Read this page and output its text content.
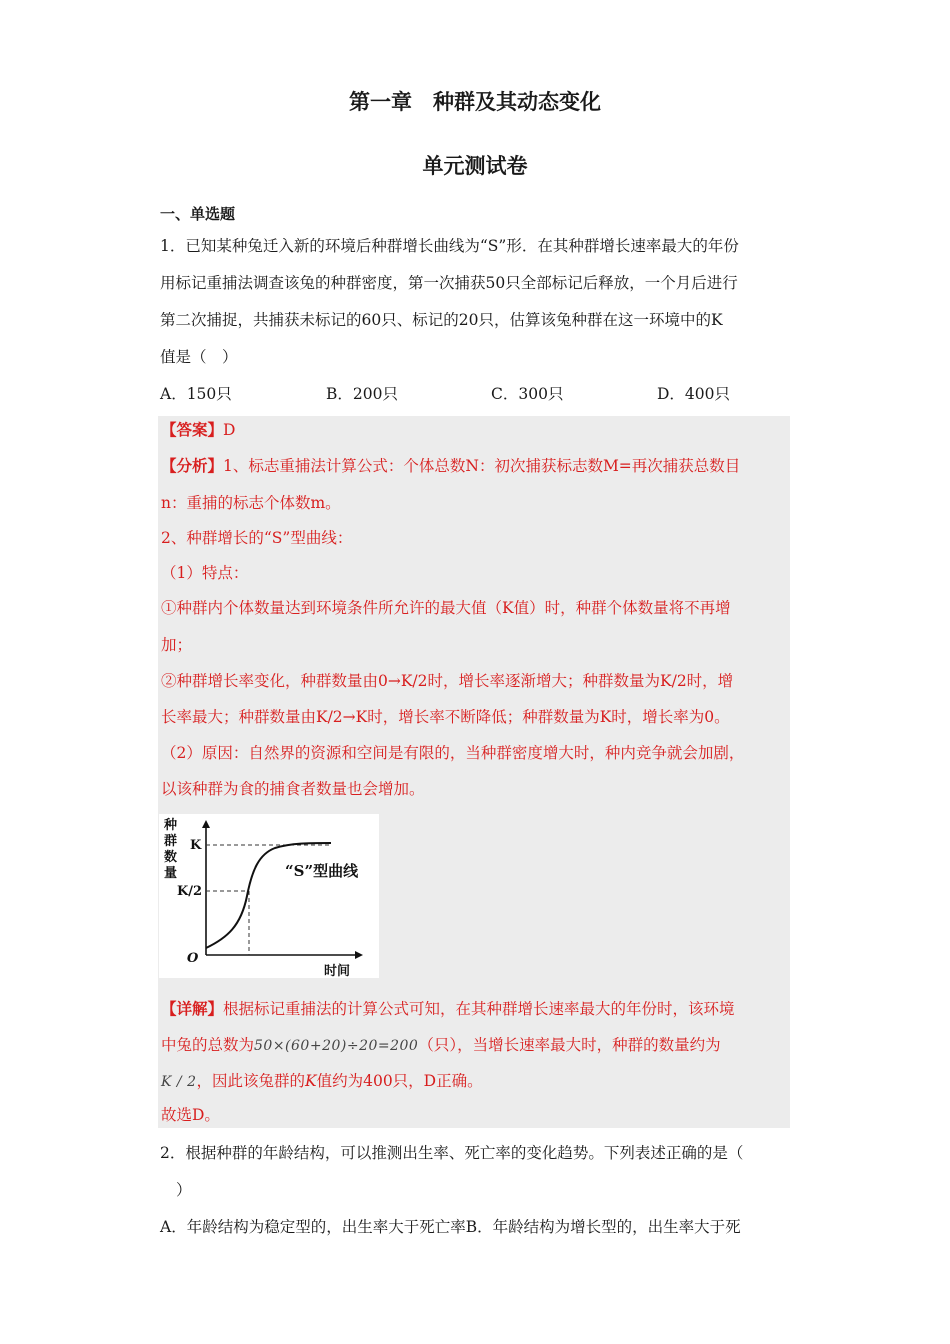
第一章　种群及其动态变化
单元测试卷
一、单选题
1．已知某种兔迁入新的环境后种群增长曲线为“S”形．在其种群增长速率最大的年份
用标记重捕法调查该兔的种群密度，第一次捕获50只全部标记后释放，一个月后进行
第二次捕捉，共捕获未标记的60只、标记的20只，估算该兔种群在这一环境中的K
值是（　）
A．150只	B．200只	C．300只	D．400只
【答案】D
【分析】1、标志重捕法计算公式：个体总数N：初次捕获标志数M=再次捕获总数目
n：重捕的标志个体数m。
2、种群增长的“S”型曲线：
（1）特点：
①种群内个体数量达到环境条件所允许的最大值（K值）时，种群个体数量将不再增
加；
②种群增长率变化，种群数量由0→K/2时，增长率逐渐增大；种群数量为K/2时，增
长率最大；种群数量由K/2→K时，增长率不断降低；种群数量为K时，增长率为0。
（2）原因：自然界的资源和空间是有限的，当种群密度增大时，种内竞争就会加剧，
以该种群为食的捕食者数量也会增加。
种
群
数
量
K
K/2
O
时间
“S”型曲线
【详解】根据标记重捕法的计算公式可知，在其种群增长速率最大的年份时，该环境
中兔的总数为50×(60+20)÷20=200（只），当增长速率最大时，种群的数量约为
K / 2，因此该兔群的K值约为400只，D正确。
故选D。
2．根据种群的年龄结构，可以推测出生率、死亡率的变化趋势。下列表述正确的是（
）
A．年龄结构为稳定型的，出生率大于死亡率B．年龄结构为增长型的，出生率大于死
